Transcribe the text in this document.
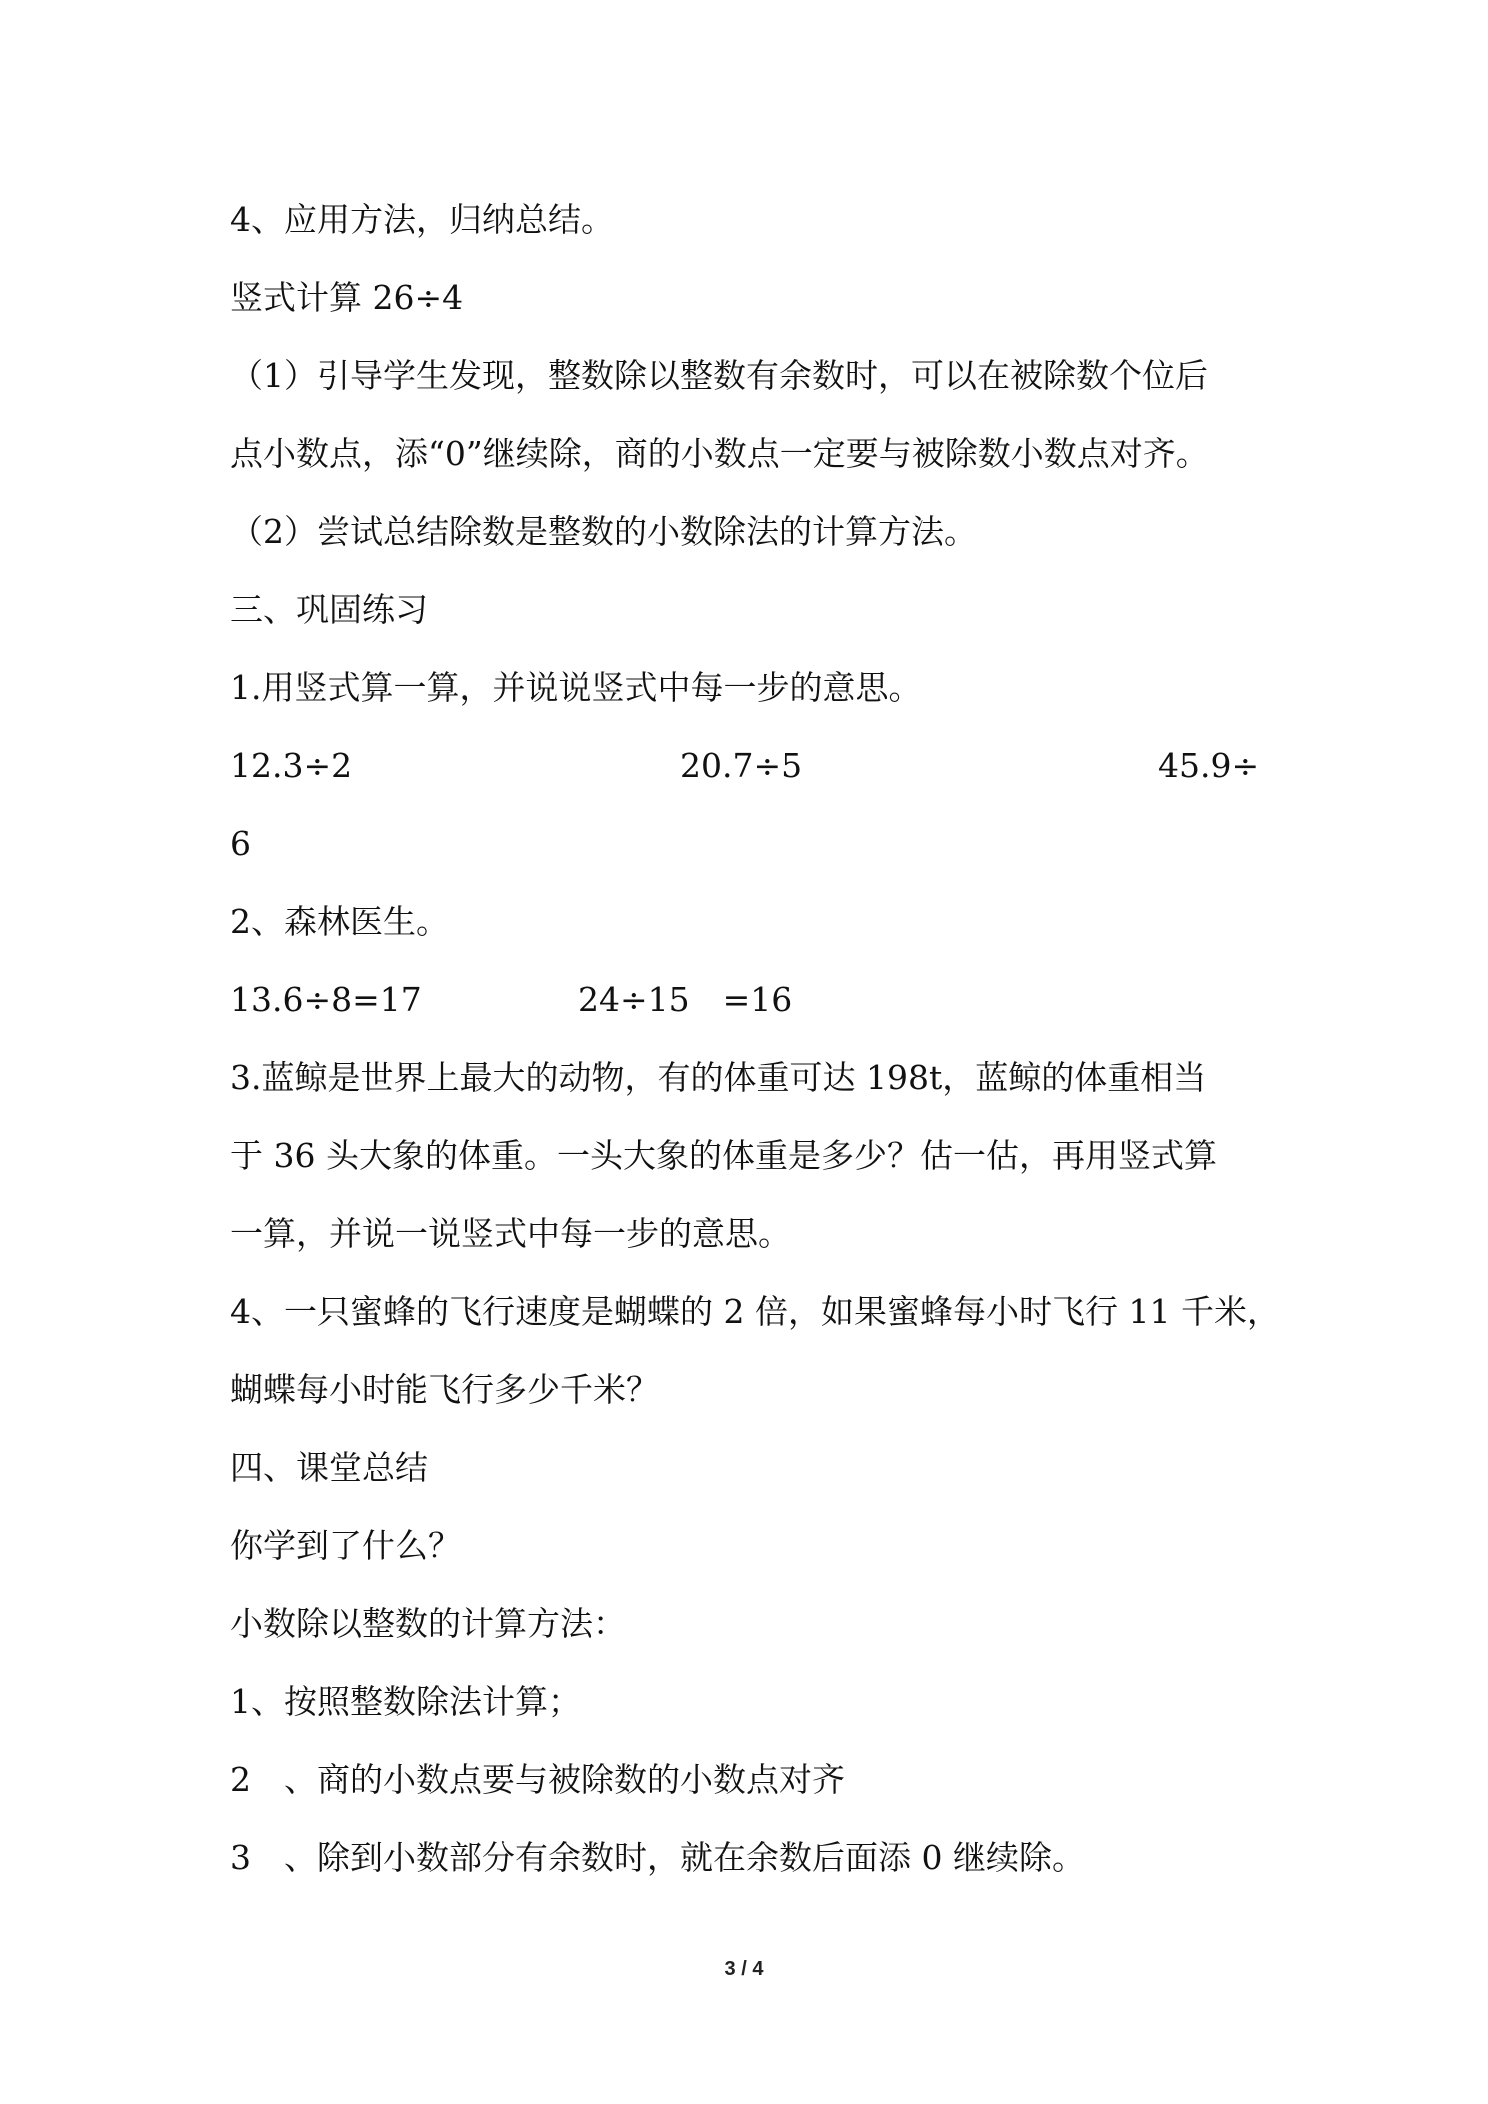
4、应用方法，归纳总结。
竖式计算 26÷4
（1）引导学生发现，整数除以整数有余数时，可以在被除数个位后
点小数点，添“0”继续除，商的小数点一定要与被除数小数点对齐。
（2）尝试总结除数是整数的小数除法的计算方法。
三、巩固练习
1.用竖式算一算，并说说竖式中每一步的意思。
12.3÷2	20.7÷5	45.9÷
6
2、森林医生。
13.6÷8=17	24÷15　=16
3.蓝鲸是世界上最大的动物，有的体重可达 198t，蓝鲸的体重相当
于 36 头大象的体重。一头大象的体重是多少？估一估，再用竖式算
一算，并说一说竖式中每一步的意思。
4、一只蜜蜂的飞行速度是蝴蝶的 2 倍，如果蜜蜂每小时飞行 11 千米，
蝴蝶每小时能飞行多少千米？
四、课堂总结
你学到了什么？
小数除以整数的计算方法：
1、按照整数除法计算；
2　、商的小数点要与被除数的小数点对齐
3　、除到小数部分有余数时，就在余数后面添 0 继续除。
3 / 4
